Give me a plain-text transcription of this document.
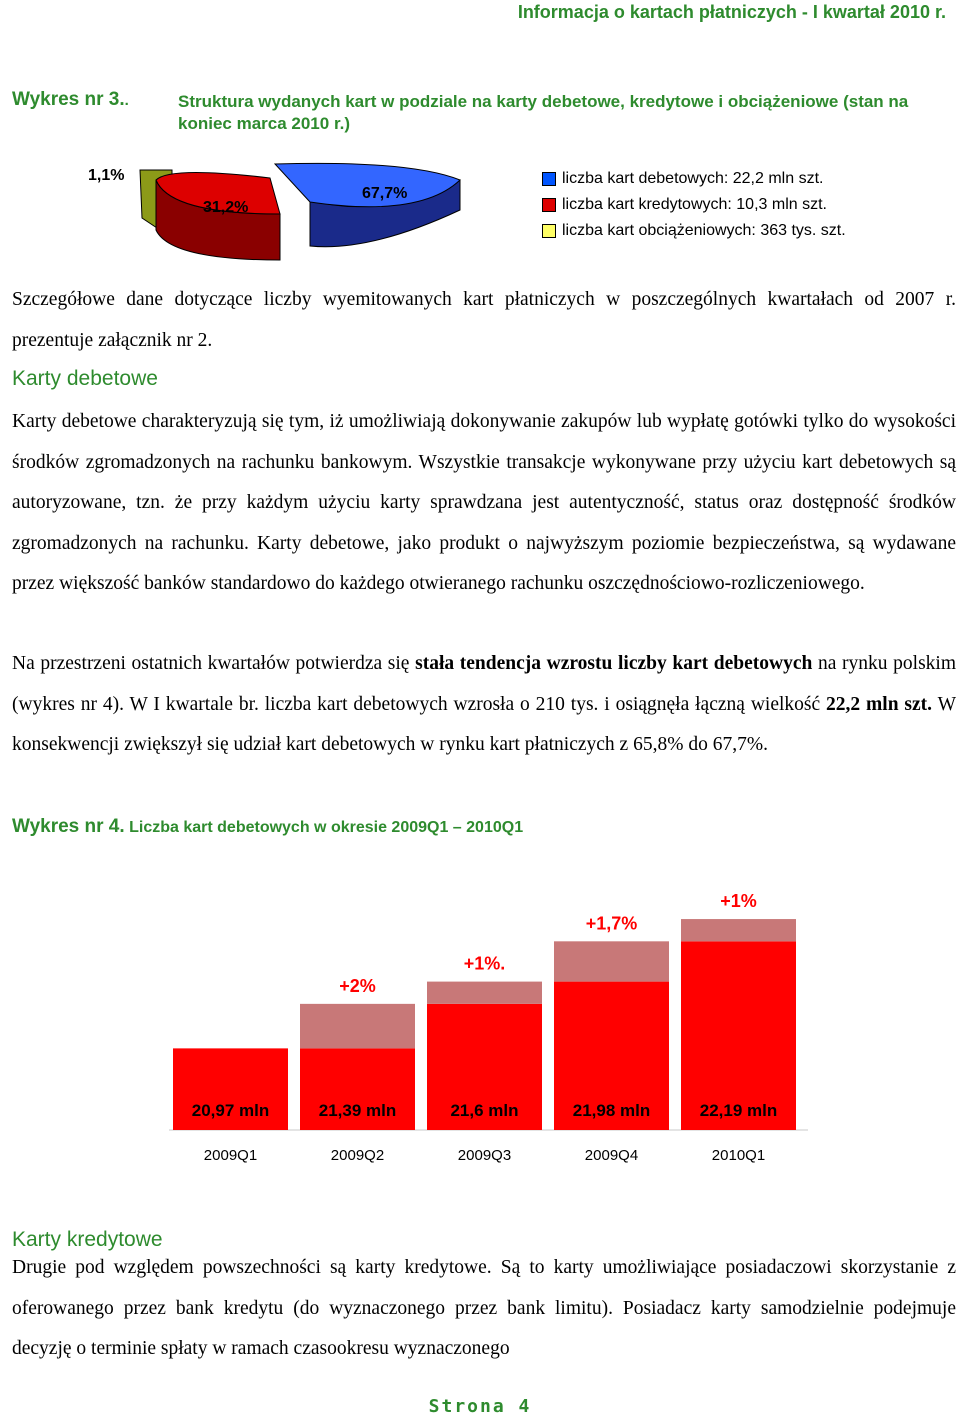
Informacja o kartach płatniczych - I kwartał 2010 r.
Wykres nr 3..	Struktura wydanych kart w podziale na karty debetowe, kredytowe i obciążeniowe (stan na koniec marca 2010 r.)
1,1%
31,2%
67,7%
liczba kart debetowych: 22,2 mln szt.
liczba kart kredytowych: 10,3 mln szt.
liczba kart obciążeniowych: 363 tys. szt.
Szczegółowe dane dotyczące liczby wyemitowanych kart płatniczych w poszczególnych kwartałach od 2007 r. prezentuje załącznik nr 2.
Karty debetowe
Karty debetowe charakteryzują się tym, iż umożliwiają dokonywanie zakupów lub wypłatę gotówki tylko do wysokości środków zgromadzonych na rachunku bankowym. Wszystkie transakcje wykonywane przy użyciu kart debetowych są autoryzowane, tzn. że przy każdym użyciu karty sprawdzana jest autentyczność, status oraz dostępność środków zgromadzonych na rachunku. Karty debetowe, jako produkt o najwyższym poziomie bezpieczeństwa, są wydawane przez większość banków standardowo do każdego otwieranego rachunku oszczędnościowo-rozliczeniowego.
Na przestrzeni ostatnich kwartałów potwierdza się stała tendencja wzrostu liczby kart debetowych na rynku polskim (wykres nr 4). W I kwartale br. liczba kart debetowych wzrosła o 210 tys. i osiągnęła łączną wielkość 22,2 mln szt. W konsekwencji zwiększył się udział kart debetowych w rynku kart płatniczych z 65,8% do 67,7%.
Wykres nr 4. Liczba kart debetowych w okresie 2009Q1 – 2010Q1
20,97 mln
2009Q1
+2%
21,39 mln
2009Q2
+1%.
21,6 mln
2009Q3
+1,7%
21,98 mln
2009Q4
+1%
22,19 mln
2010Q1
Karty kredytowe
Drugie pod względem powszechności są karty kredytowe. Są to karty umożliwiające posiadaczowi skorzystanie z oferowanego przez bank kredytu (do wyznaczonego przez bank limitu). Posiadacz karty samodzielnie podejmuje decyzję o terminie spłaty w ramach czasookresu wyznaczonego
Strona 4
